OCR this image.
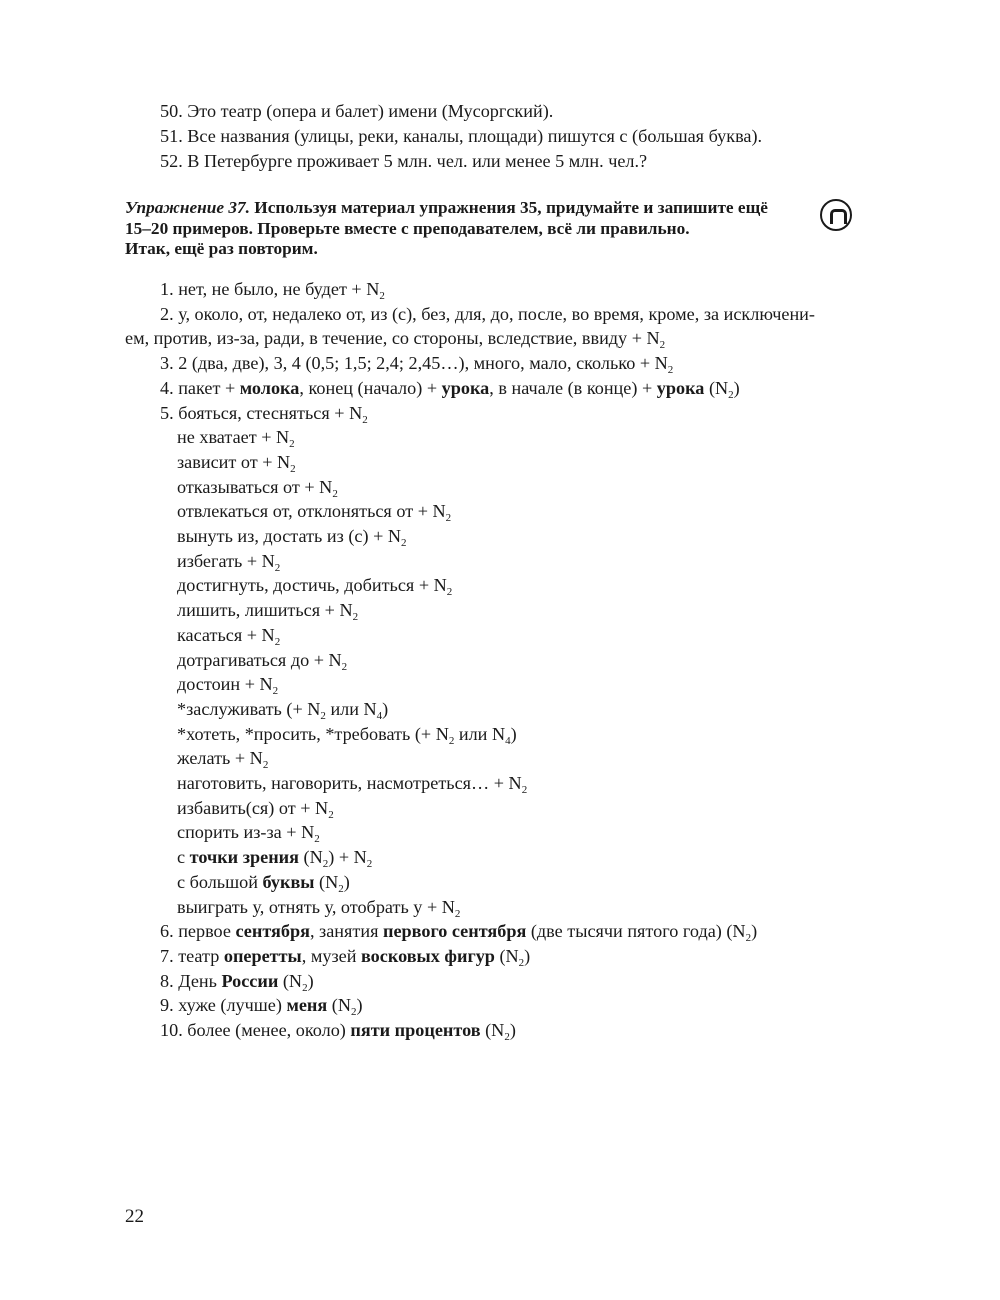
50. Это театр (опера и балет) имени (Мусоргский).
51. Все названия (улицы, реки, каналы, площади) пишутся с (большая буква).
52. В Петербурге проживает 5 млн. чел. или менее 5 млн. чел.?
Упражнение 37. Используя материал упражнения 35, придумайте и запишите ещё
15–20 примеров. Проверьте вместе с преподавателем, всё ли правильно.
Итак, ещё раз повторим.
1. нет, не было, не будет + $N_2$
2. у, около, от, недалеко от, из (с), без, для, до, после, во время, кроме, за исключени-
ем, против, из-за, ради, в течение, со стороны, вследствие, ввиду + $N_2$
3. 2 (два, две), 3, 4 (0,5; 1,5; 2,4; 2,45…), много, мало, сколько + $N_2$
4. пакет + молока, конец (начало) + урока, в начале (в конце) + урока $(N_2)$
5. бояться, стесняться + $N_2$
не хватает + $N_2$
зависит от + $N_2$
отказываться от + $N_2$
отвлекаться от, отклоняться от + $N_2$
вынуть из, достать из $(с) + N_2$
избегать + $N_2$
достигнуть, достичь, добиться + $N_2$
лишить, лишиться + $N_2$
касаться + $N_2$
дотрагиваться до + $N_2$
достоин + $N_2$
*заслуживать (+ $N_2$ или $N_4$)
*хотеть, *просить, *требовать (+ $N_2$ или $N_4$)
желать + $N_2$
наготовить, наговорить, насмотреться… + $N_2$
избавить(ся) от + $N_2$
спорить $из-за + N_2$
с точки зрения $(N_2) + N_2$
с большой буквы $(N_2)$
выиграть у, отнять у, отобрать $у + N_2$
6. первое сентября, занятия первого сентября (две тысячи пятого года) $(N_2)$
7. театр оперетты, музей восковых фигур $(N_2)$
8. День России $(N_2)$
9. хуже (лучше) меня $(N_2)$
10. более (менее, около) пяти процентов $(N_2)$
22
